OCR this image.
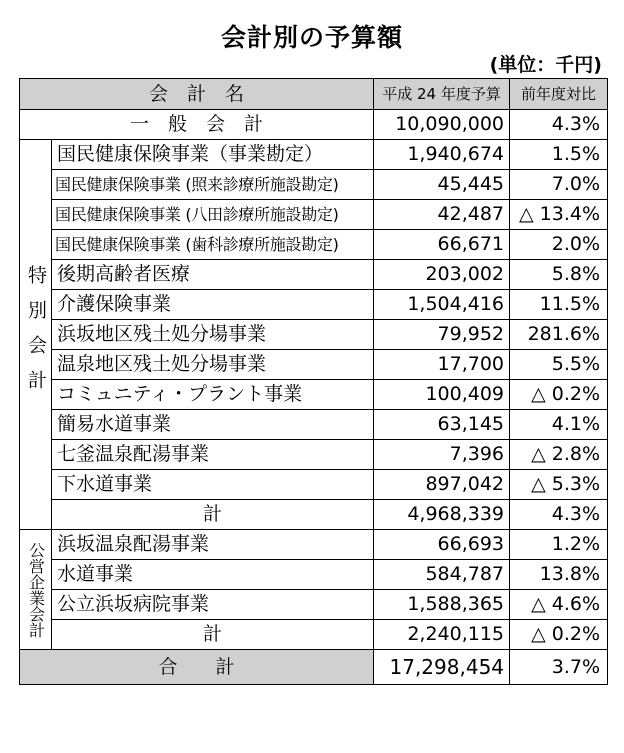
会計別の予算額
(単位：千円)
会　計　名		平成 24 年度予算	前年度対比
一　般　会　計		10,090,000	4.3%

特別会計	国民健康保険事業（事業勘定）	1,940,674	1.5%
	国民健康保険事業 (照来診療所施設勘定)	45,445	7.0%
	国民健康保険事業 (八田診療所施設勘定)	42,487	△ 13.4%
	国民健康保険事業 (歯科診療所施設勘定)	66,671	2.0%
	後期高齢者医療	203,002	5.8%
	介護保険事業	1,504,416	11.5%
	浜坂地区残土処分場事業	79,952	281.6%
	温泉地区残土処分場事業	17,700	5.5%
	コミュニティ・プラント事業	100,409	△ 0.2%
	簡易水道事業	63,145	4.1%
	七釜温泉配湯事業	7,396	△ 2.8%
	下水道事業	897,042	△ 5.3%
	計	4,968,339	4.3%

公営企業会計	浜坂温泉配湯事業	66,693	1.2%
	水道事業	584,787	13.8%
	公立浜坂病院事業	1,588,365	△ 4.6%
	計	2,240,115	△ 0.2%
合　　計		17,298,454	3.7%
